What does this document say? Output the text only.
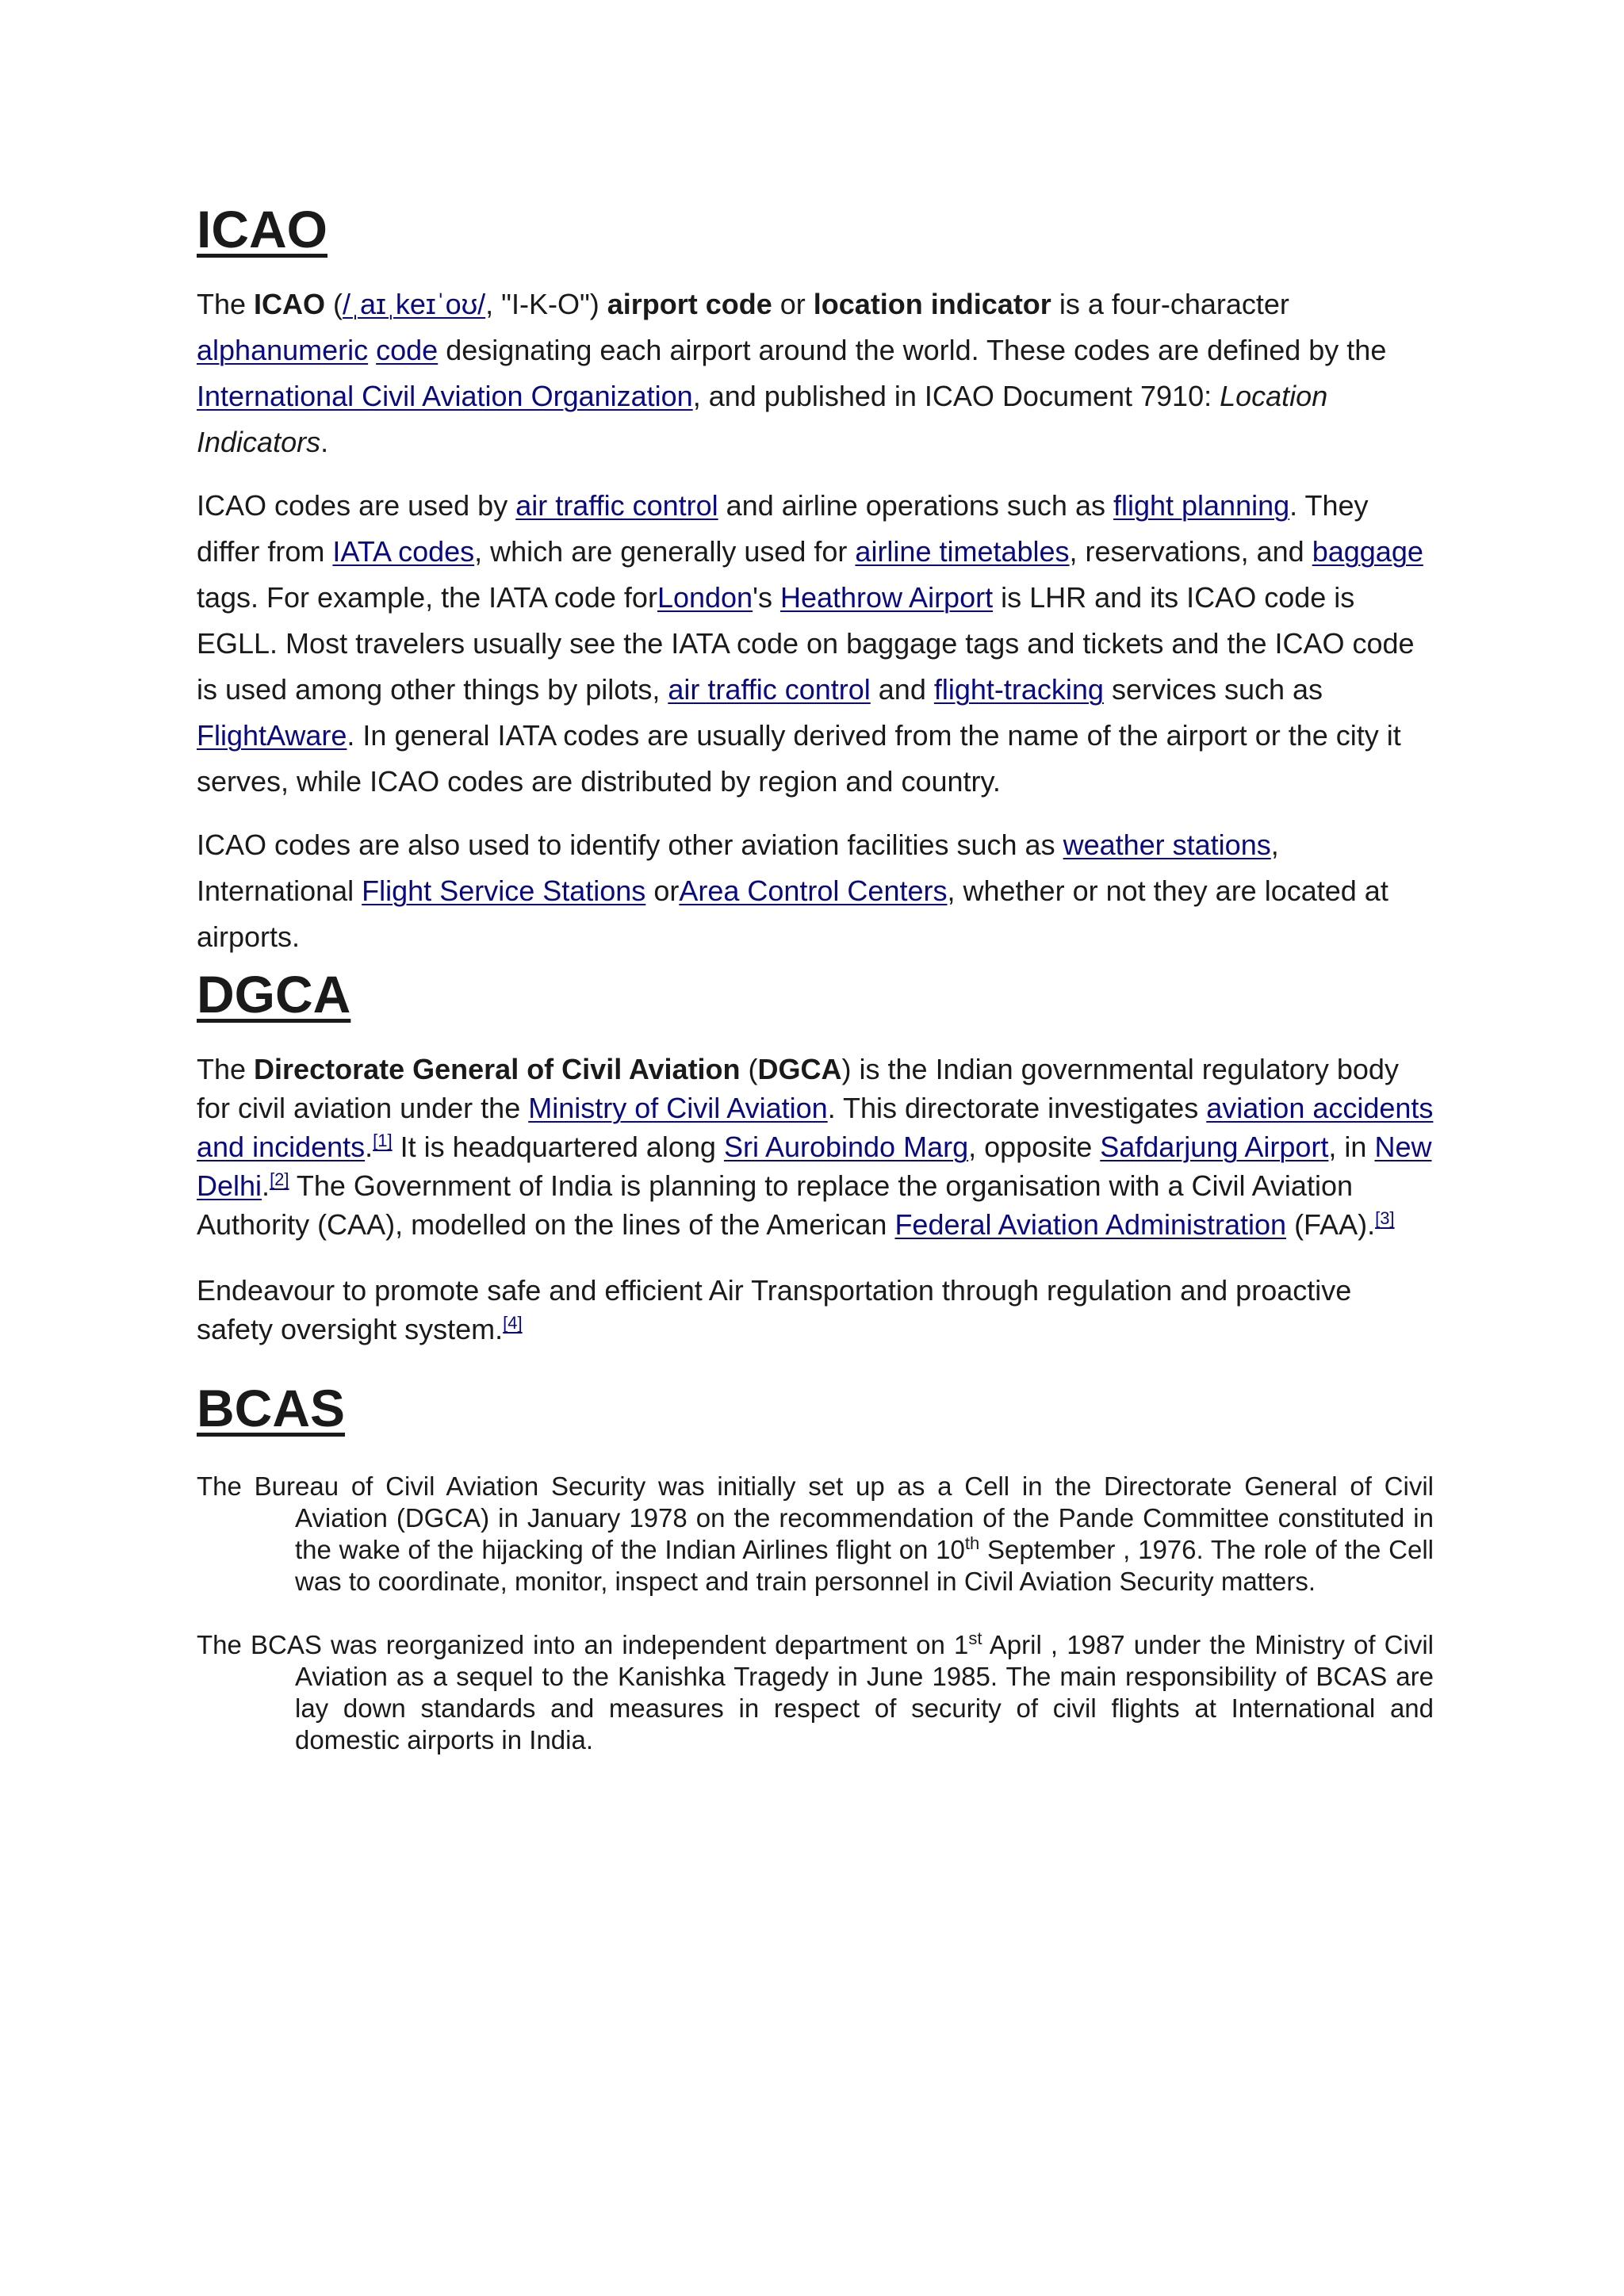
ICAO

The ICAO (/ˌaɪˌkeɪˈoʊ/, "I-K-O") airport code or location indicator is a four-character alphanumeric code designating each airport around the world. These codes are defined by the International Civil Aviation Organization, and published in ICAO Document 7910: Location Indicators.

ICAO codes are used by air traffic control and airline operations such as flight planning. They differ from IATA codes, which are generally used for airline timetables, reservations, and baggage tags. For example, the IATA code forLondon's Heathrow Airport is LHR and its ICAO code is EGLL. Most travelers usually see the IATA code on baggage tags and tickets and the ICAO code is used among other things by pilots, air traffic control and flight-tracking services such as FlightAware. In general IATA codes are usually derived from the name of the airport or the city it serves, while ICAO codes are distributed by region and country.

ICAO codes are also used to identify other aviation facilities such as weather stations, International Flight Service Stations orArea Control Centers, whether or not they are located at airports.

DGCA

The Directorate General of Civil Aviation (DGCA) is the Indian governmental regulatory body for civil aviation under the Ministry of Civil Aviation. This directorate investigates aviation accidents and incidents.[1] It is headquartered along Sri Aurobindo Marg, opposite Safdarjung Airport, in New Delhi.[2] The Government of India is planning to replace the organisation with a Civil Aviation Authority (CAA), modelled on the lines of the American Federal Aviation Administration (FAA).[3]

Endeavour to promote safe and efficient Air Transportation through regulation and proactive safety oversight system.[4]

BCAS

The Bureau of Civil Aviation Security was initially set up as a Cell in the Directorate General of Civil Aviation (DGCA) in January 1978 on the recommendation of the Pande Committee constituted in the wake of the hijacking of the Indian Airlines flight on 10th September , 1976. The role of the Cell was to coordinate, monitor, inspect and train personnel in Civil Aviation Security matters.

The BCAS was reorganized into an independent department on 1st April , 1987 under the Ministry of Civil Aviation as a sequel to the Kanishka Tragedy in June 1985. The main responsibility of BCAS are lay down standards and measures in respect of security of civil flights at International and domestic airports in India.
